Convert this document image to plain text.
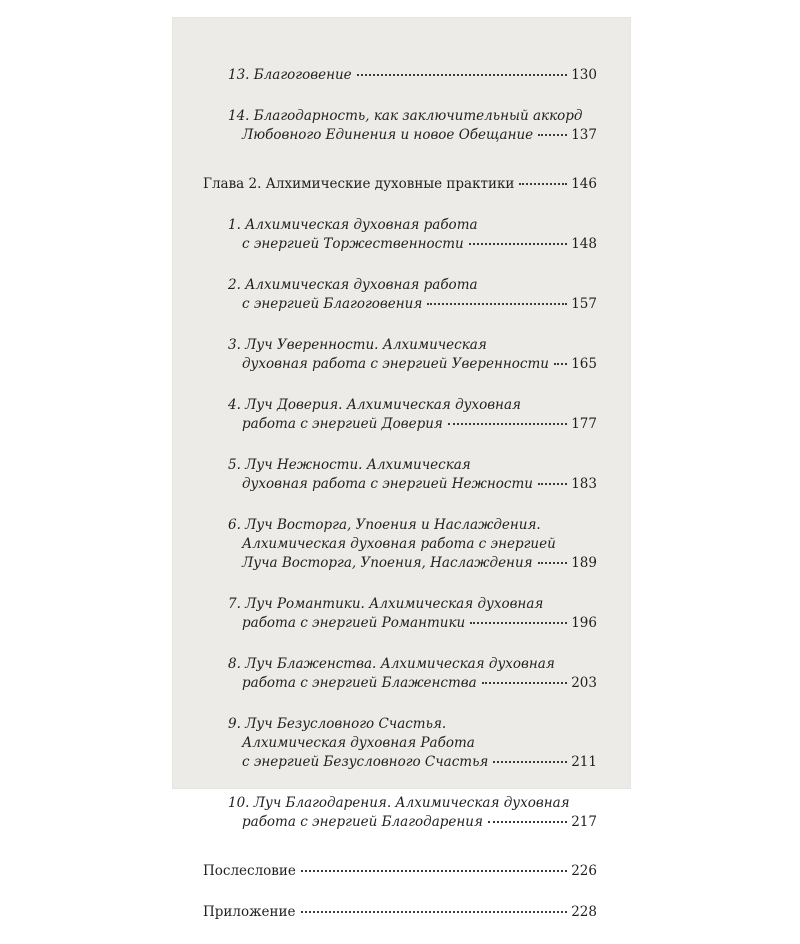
13. Благоговение	130
14. Благодарность, как заключительный аккорд
Любовного Единения и новое Обещание	137
Глава 2. Алхимические духовные практики	146
1. Алхимическая духовная работа
с энергией Торжественности	148
2. Алхимическая духовная работа
с энергией Благоговения	157
3. Луч Уверенности. Алхимическая
духовная работа с энергией Уверенности 165
4. Луч Доверия. Алхимическая духовная
работа с энергией Доверия	177
5. Луч Нежности. Алхимическая
духовная работа с энергией Нежности	183
6. Луч Восторга, Упоения и Наслаждения.
Алхимическая духовная работа с энергией
Луча Восторга, Упоения, Наслаждения	189
7. Луч Романтики. Алхимическая духовная
работа с энергией Романтики	196
8. Луч Блаженства. Алхимическая духовная
работа с энергией Блаженства	203
9. Луч Безусловного Счастья.
Алхимическая духовная Работа
с энергией Безусловного Счастья	211
10. Луч Благодарения. Алхимическая духовная
работа с энергией Благодарения	217
Послесловие	226
Приложение	228
